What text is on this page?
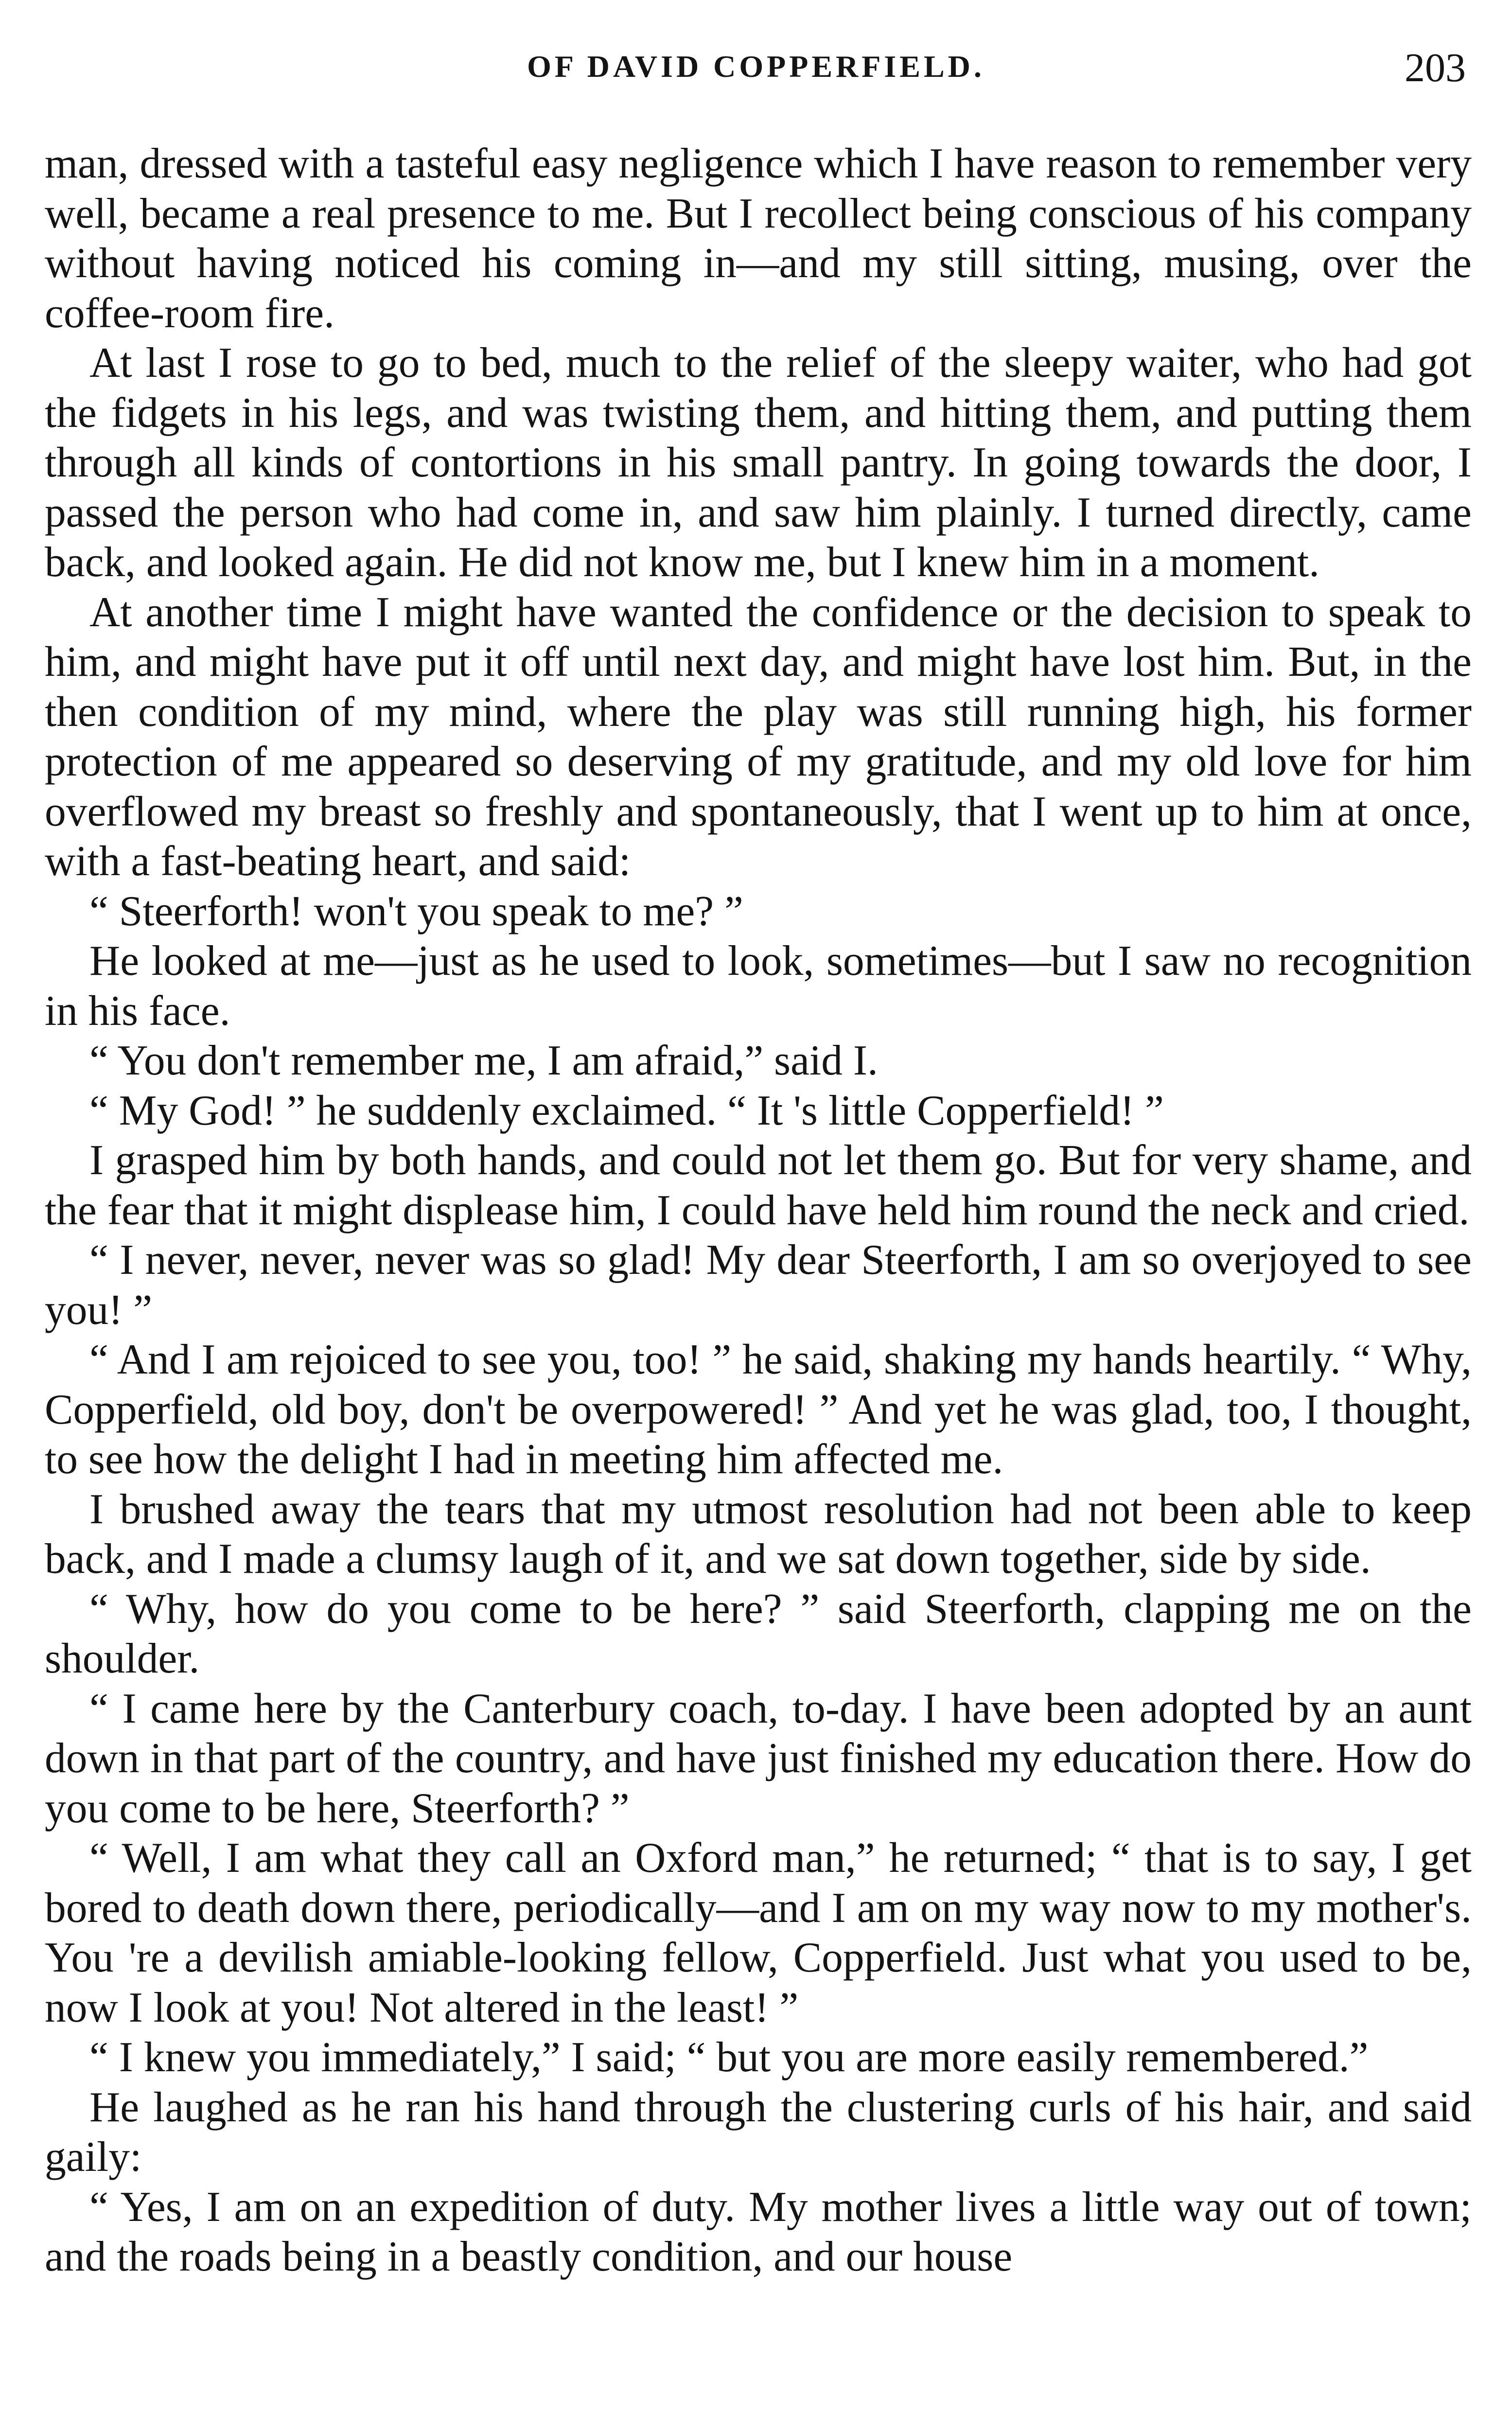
OF DAVID COPPERFIELD.	203

man, dressed with a tasteful easy negligence which I have reason to remember very well, became a real presence to me. But I recollect being conscious of his company without having noticed his coming in—and my still sitting, musing, over the coffee-room fire.

At last I rose to go to bed, much to the relief of the sleepy waiter, who had got the fidgets in his legs, and was twisting them, and hitting them, and putting them through all kinds of contortions in his small pantry. In going towards the door, I passed the person who had come in, and saw him plainly. I turned directly, came back, and looked again. He did not know me, but I knew him in a moment.

At another time I might have wanted the confidence or the decision to speak to him, and might have put it off until next day, and might have lost him. But, in the then condition of my mind, where the play was still running high, his former protection of me appeared so deserving of my gratitude, and my old love for him overflowed my breast so freshly and spontaneously, that I went up to him at once, with a fast-beating heart, and said:

“ Steerforth! won't you speak to me? ”

He looked at me—just as he used to look, sometimes—but I saw no recognition in his face.

“ You don't remember me, I am afraid,” said I.

“ My God! ” he suddenly exclaimed. “ It 's little Copperfield! ”

I grasped him by both hands, and could not let them go. But for very shame, and the fear that it might displease him, I could have held him round the neck and cried.

“ I never, never, never was so glad! My dear Steerforth, I am so overjoyed to see you! ”

“ And I am rejoiced to see you, too! ” he said, shaking my hands heartily. “ Why, Copperfield, old boy, don't be overpowered! ” And yet he was glad, too, I thought, to see how the delight I had in meeting him affected me.

I brushed away the tears that my utmost resolution had not been able to keep back, and I made a clumsy laugh of it, and we sat down together, side by side.

“ Why, how do you come to be here? ” said Steerforth, clapping me on the shoulder.

“ I came here by the Canterbury coach, to-day. I have been adopted by an aunt down in that part of the country, and have just finished my education there. How do you come to be here, Steerforth? ”

“ Well, I am what they call an Oxford man,” he returned; “ that is to say, I get bored to death down there, periodically—and I am on my way now to my mother's. You 're a devilish amiable-looking fellow, Copperfield. Just what you used to be, now I look at you! Not altered in the least! ”

“ I knew you immediately,” I said; “ but you are more easily remembered.”

He laughed as he ran his hand through the clustering curls of his hair, and said gaily:

“ Yes, I am on an expedition of duty. My mother lives a little way out of town; and the roads being in a beastly condition, and our house
